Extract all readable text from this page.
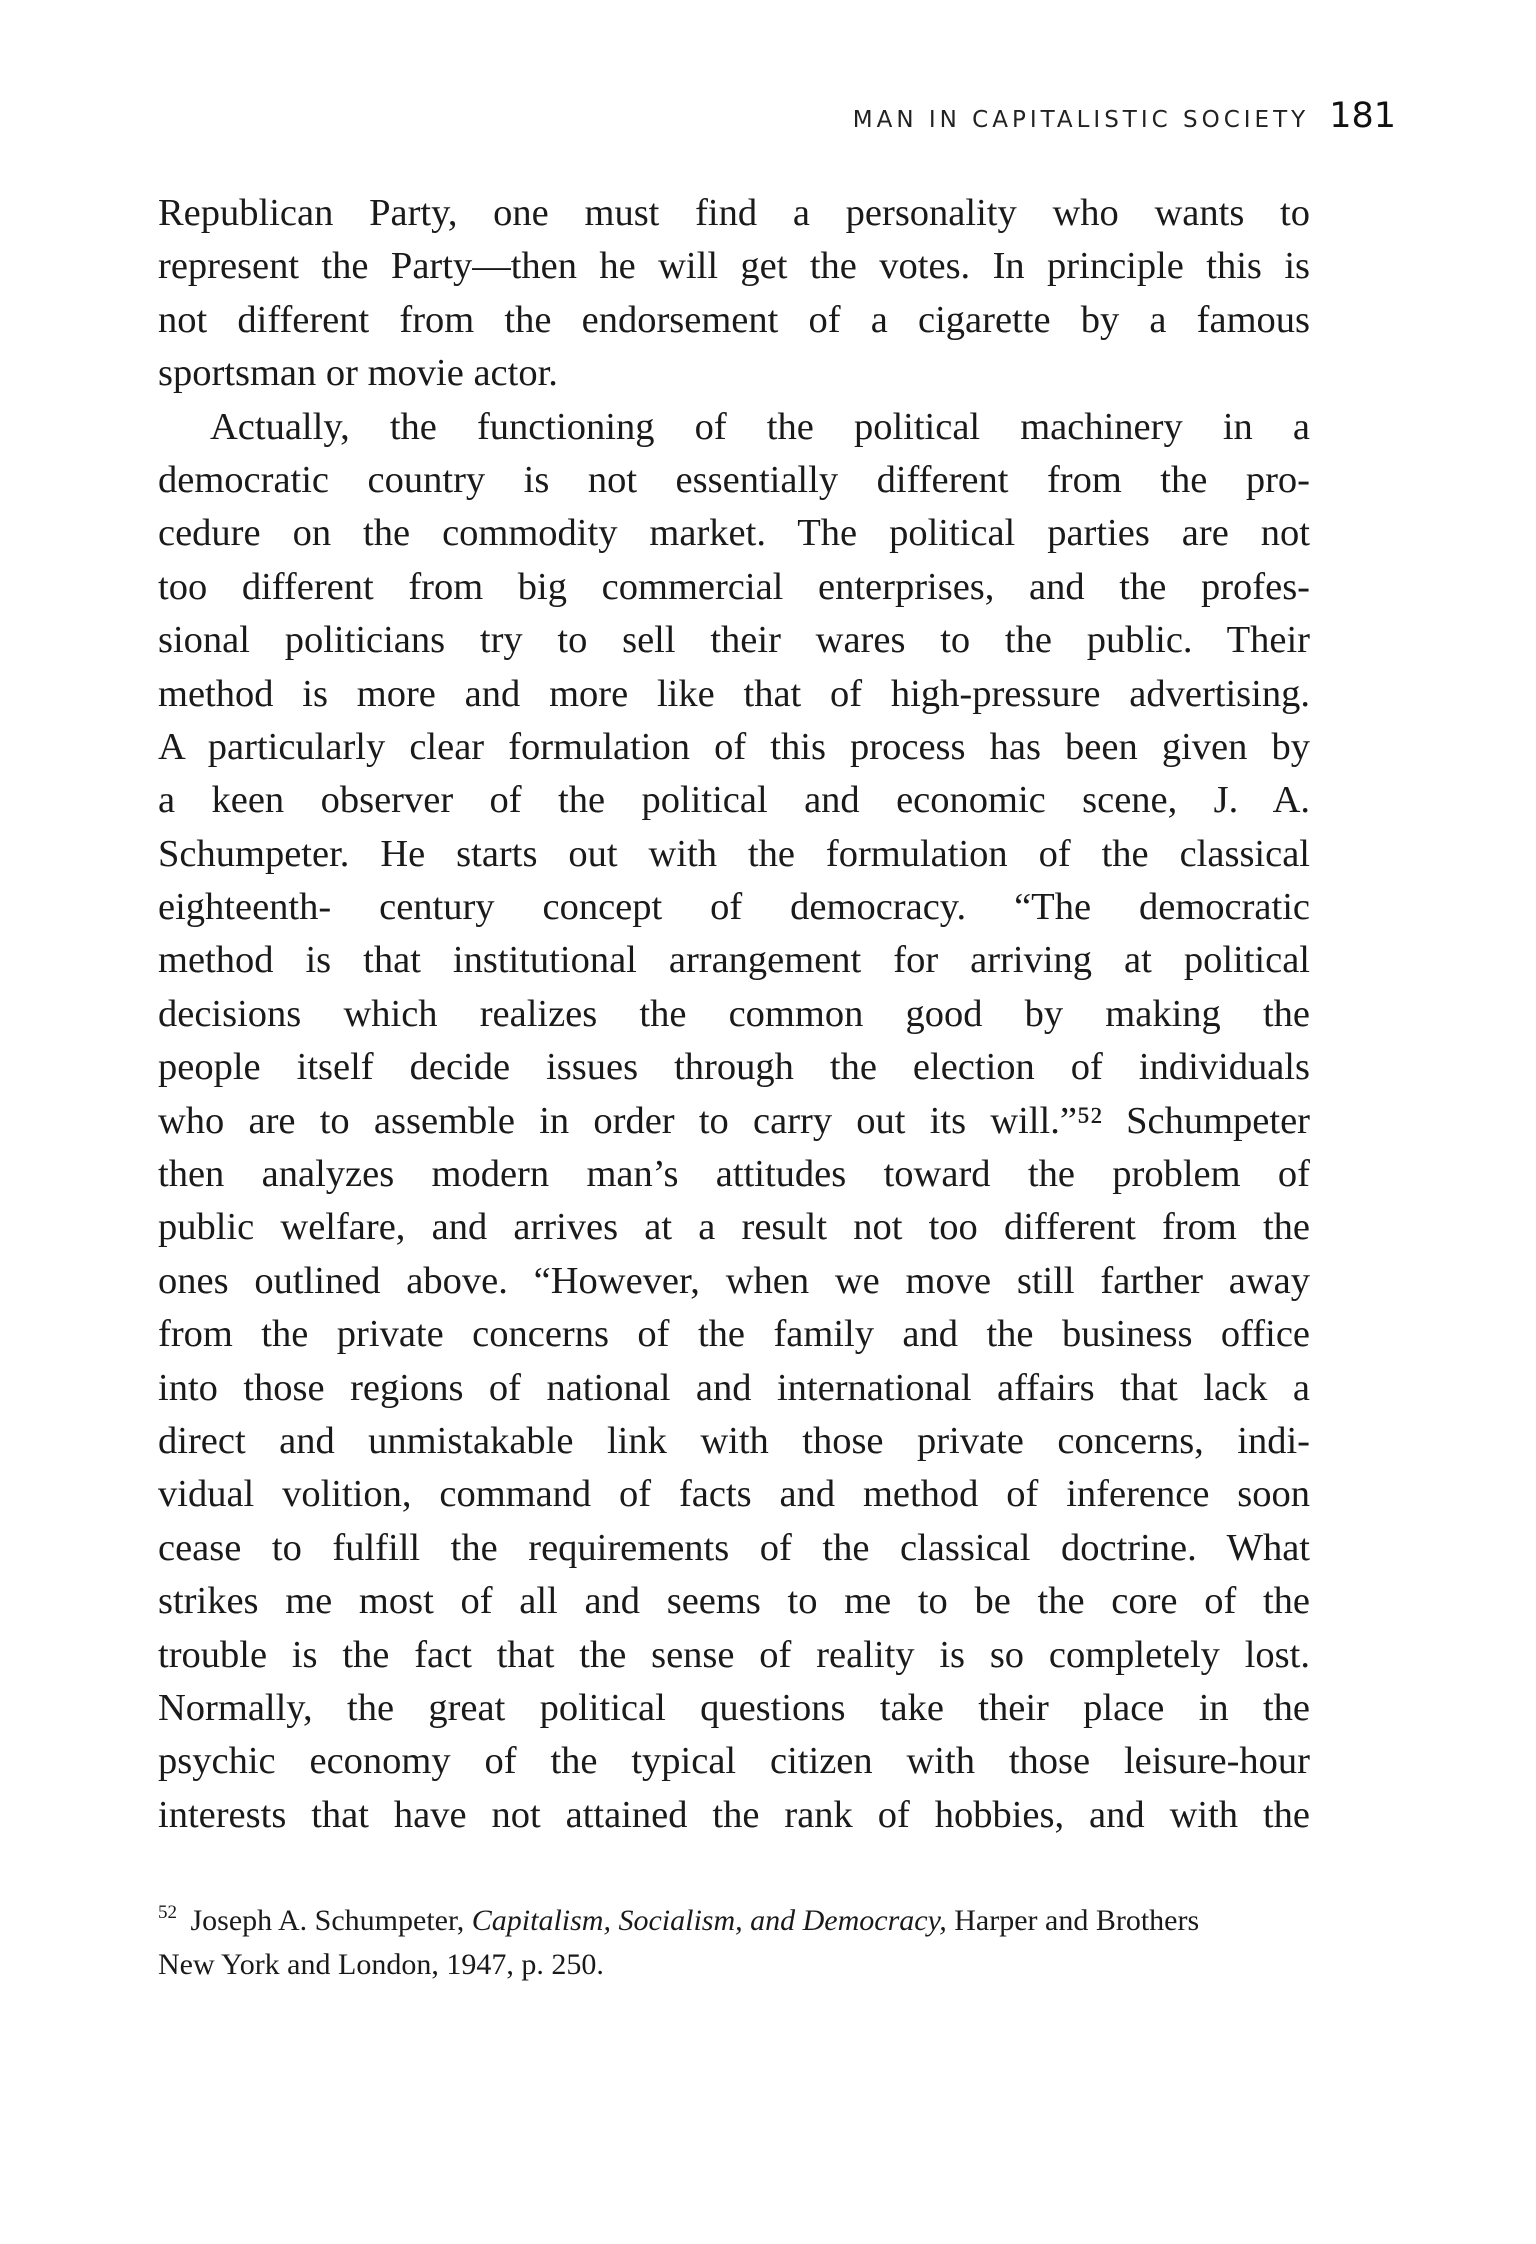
MAN IN CAPITALISTIC SOCIETY 181
Republican Party, one must find a personality who wants to
represent the Party—then he will get the votes. In principle this is
not different from the endorsement of a cigarette by a famous
sportsman or movie actor.
Actually, the functioning of the political machinery in a
democratic country is not essentially different from the pro-
cedure on the commodity market. The political parties are not
too different from big commercial enterprises, and the profes-
sional politicians try to sell their wares to the public. Their
method is more and more like that of high-pressure advertising.
A particularly clear formulation of this process has been given by
a keen observer of the political and economic scene, J. A.
Schumpeter. He starts out with the formulation of the classical
eighteenth- century concept of democracy. “The democratic
method is that institutional arrangement for arriving at political
decisions which realizes the common good by making the
people itself decide issues through the election of individuals
who are to assemble in order to carry out its will.”⁵² Schumpeter
then analyzes modern man’s attitudes toward the problem of
public welfare, and arrives at a result not too different from the
ones outlined above. “However, when we move still farther away
from the private concerns of the family and the business office
into those regions of national and international affairs that lack a
direct and unmistakable link with those private concerns, indi-
vidual volition, command of facts and method of inference soon
cease to fulfill the requirements of the classical doctrine. What
strikes me most of all and seems to me to be the core of the
trouble is the fact that the sense of reality is so completely lost.
Normally, the great political questions take their place in the
psychic economy of the typical citizen with those leisure-hour
interests that have not attained the rank of hobbies, and with the
$^{52}$ Joseph A. Schumpeter, Capitalism, Socialism, and Democracy, Harper and Brothers
New York and London, 1947, p. 250.
